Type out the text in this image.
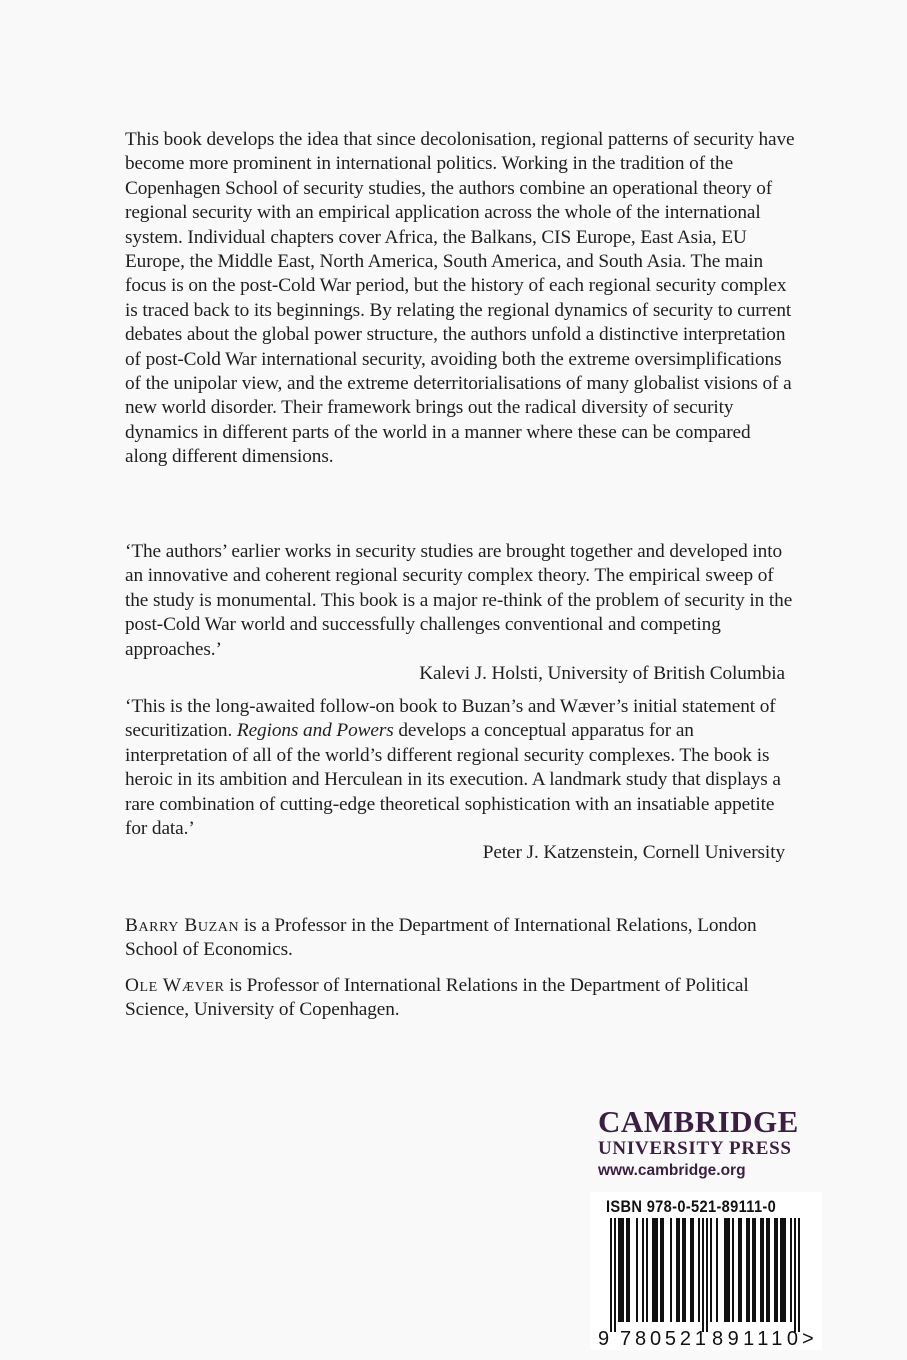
This book develops the idea that since decolonisation, regional patterns of security have become more prominent in international politics. Working in the tradition of the Copenhagen School of security studies, the authors combine an operational theory of regional security with an empirical application across the whole of the international system. Individual chapters cover Africa, the Balkans, CIS Europe, East Asia, EU Europe, the Middle East, North America, South America, and South Asia. The main focus is on the post-Cold War period, but the history of each regional security complex is traced back to its beginnings. By relating the regional dynamics of security to current debates about the global power structure, the authors unfold a distinctive interpretation of post-Cold War international security, avoiding both the extreme oversimplifications of the unipolar view, and the extreme deterritorialisations of many globalist visions of a new world disorder. Their framework brings out the radical diversity of security dynamics in different parts of the world in a manner where these can be compared along different dimensions.

‘The authors’ earlier works in security studies are brought together and developed into an innovative and coherent regional security complex theory. The empirical sweep of the study is monumental. This book is a major re-think of the problem of security in the post-Cold War world and successfully challenges conventional and competing approaches.’

Kalevi J. Holsti, University of British Columbia

‘This is the long-awaited follow-on book to Buzan’s and Wæver’s initial statement of securitization. Regions and Powers develops a conceptual apparatus for an interpretation of all of the world’s different regional security complexes. The book is heroic in its ambition and Herculean in its execution. A landmark study that displays a rare combination of cutting-edge theoretical sophistication with an insatiable appetite for data.’

Peter J. Katzenstein, Cornell University

Barry Buzan is a Professor in the Department of International Relations, London School of Economics.

Ole Wæver is Professor of International Relations in the Department of Political Science, University of Copenhagen.

CAMBRIDGE
UNIVERSITY PRESS
www.cambridge.org
ISBN 978-0-521-89111-0
9 780521 891110 >
